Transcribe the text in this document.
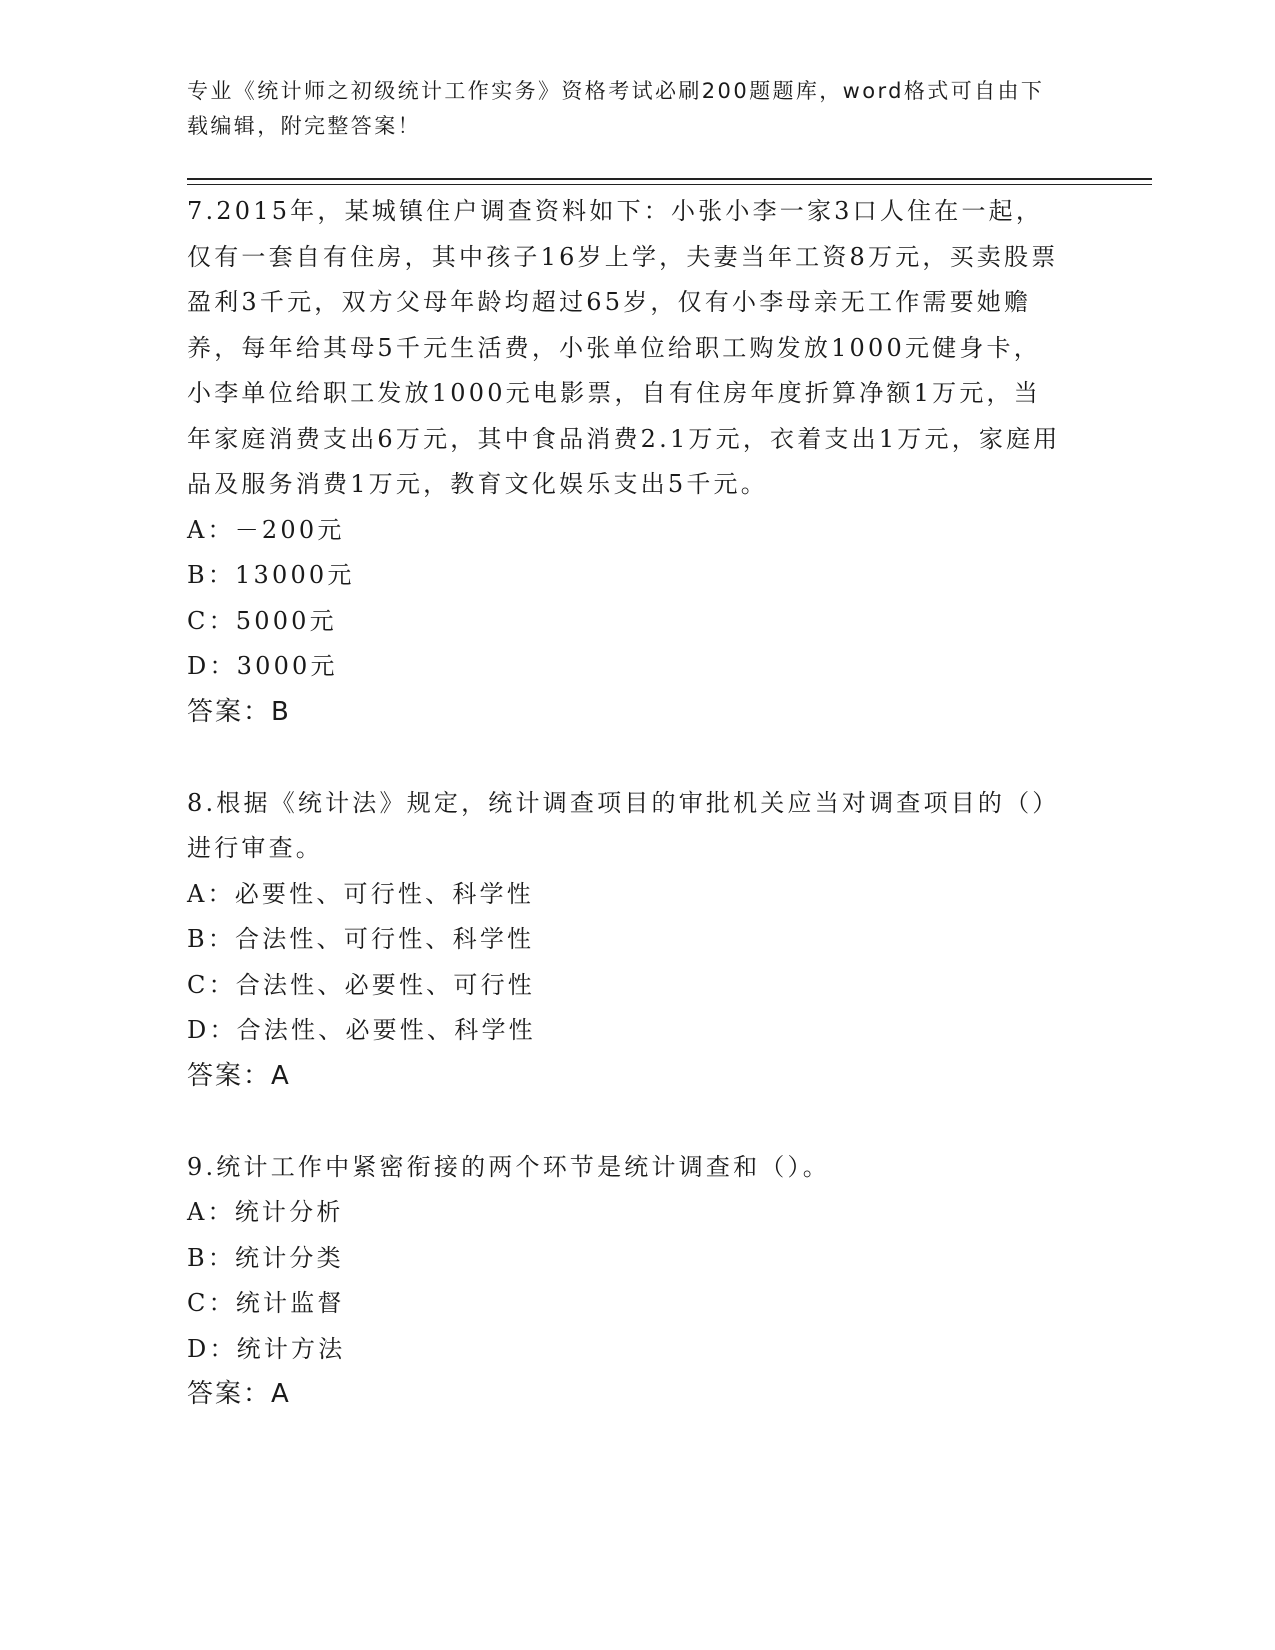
专业《统计师之初级统计工作实务》资格考试必刷200题题库，word格式可自由下载编辑，附完整答案！

7.2015年，某城镇住户调查资料如下：小张小李一家3口人住在一起，仅有一套自有住房，其中孩子16岁上学，夫妻当年工资8万元，买卖股票盈利3千元，双方父母年龄均超过65岁，仅有小李母亲无工作需要她赡养，每年给其母5千元生活费，小张单位给职工购发放1000元健身卡，小李单位给职工发放1000元电影票，自有住房年度折算净额1万元，当年家庭消费支出6万元，其中食品消费2.1万元，衣着支出1万元，家庭用品及服务消费1万元，教育文化娱乐支出5千元。

A：－200元

B：13000元

C：5000元

D：3000元

答案：B

8.根据《统计法》规定，统计调查项目的审批机关应当对调查项目的（）进行审查。

A：必要性、可行性、科学性

B：合法性、可行性、科学性

C：合法性、必要性、可行性

D：合法性、必要性、科学性

答案：A

9.统计工作中紧密衔接的两个环节是统计调查和（）。

A：统计分析

B：统计分类

C：统计监督

D：统计方法

答案：A
